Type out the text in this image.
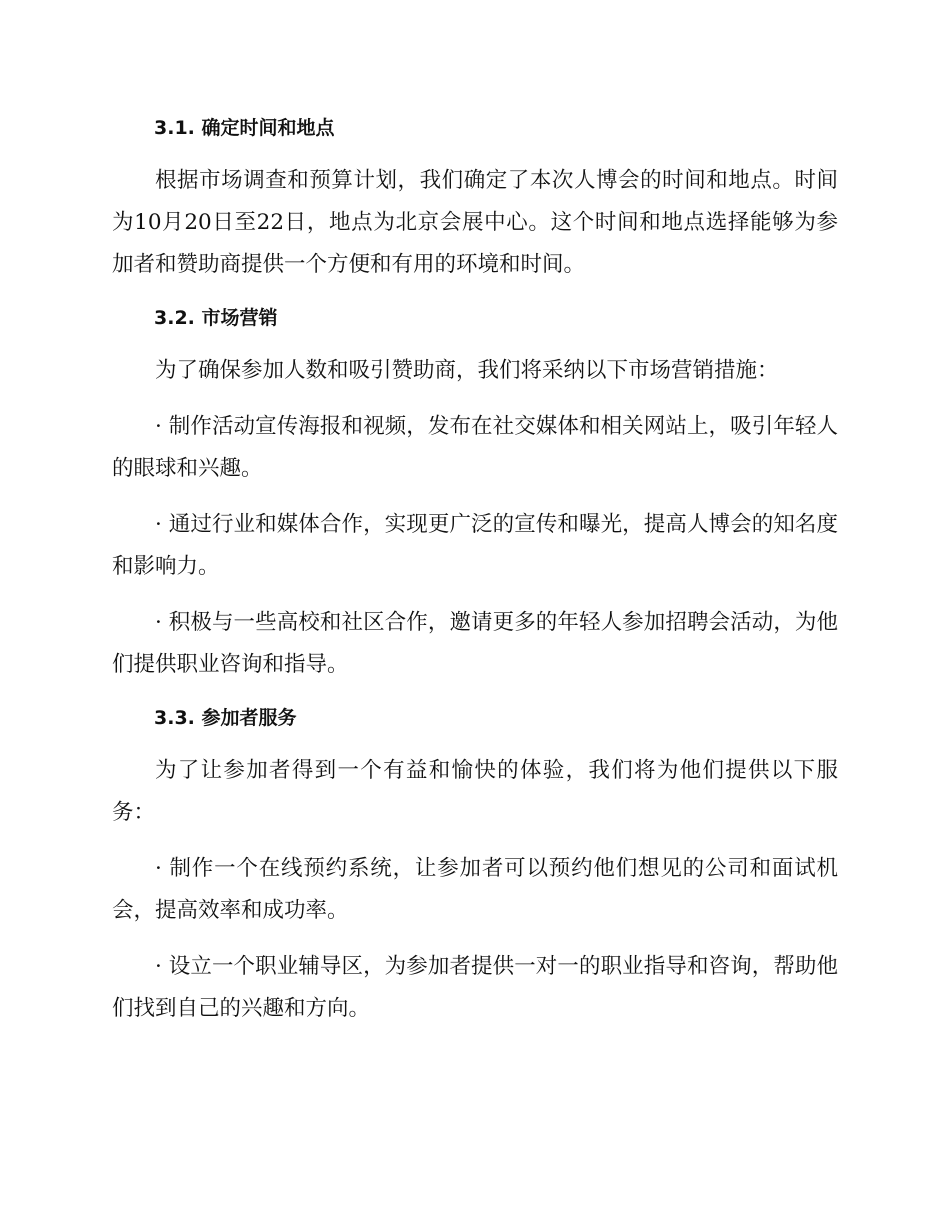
3.1. 确定时间和地点

根据市场调查和预算计划，我们确定了本次人博会的时间和地点。时间为10月20日至22日，地点为北京会展中心。这个时间和地点选择能够为参加者和赞助商提供一个方便和有用的环境和时间。

3.2. 市场营销

为了确保参加人数和吸引赞助商，我们将采纳以下市场营销措施：

· 制作活动宣传海报和视频，发布在社交媒体和相关网站上，吸引年轻人的眼球和兴趣。

· 通过行业和媒体合作，实现更广泛的宣传和曝光，提高人博会的知名度和影响力。

· 积极与一些高校和社区合作，邀请更多的年轻人参加招聘会活动，为他们提供职业咨询和指导。

3.3. 参加者服务

为了让参加者得到一个有益和愉快的体验，我们将为他们提供以下服务：

· 制作一个在线预约系统，让参加者可以预约他们想见的公司和面试机会，提高效率和成功率。

· 设立一个职业辅导区，为参加者提供一对一的职业指导和咨询，帮助他们找到自己的兴趣和方向。
